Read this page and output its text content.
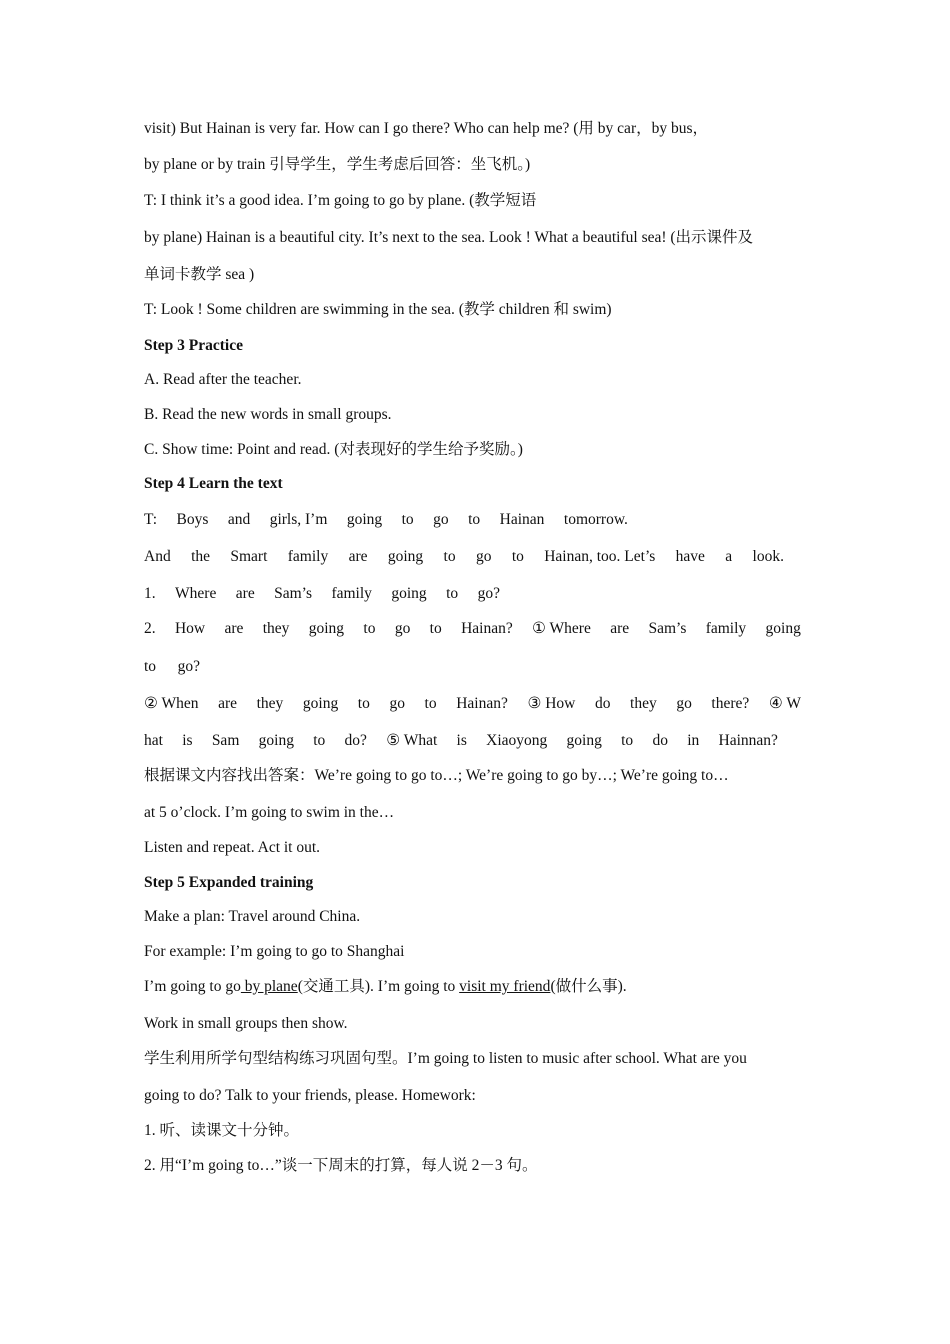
visit) But Hainan is very far. How can I go there? Who can help me? (用 by car，by bus，
by plane or by train 引导学生，学生考虑后回答：坐飞机。)
T: I think it’s a good idea. I’m going to go by plane. (教学短语
by plane) Hainan is a beautiful city. It’s next to the sea. Look ! What a beautiful sea! (出示课件及
单词卡教学 sea )
T: Look ! Some children are swimming in the sea. (教学 children 和 swim)
Step 3 Practice
A. Read after the teacher.
B. Read the new words in small groups.
C. Show time: Point and read. (对表现好的学生给予奖励。)
Step 4 Learn the text
T: Boys and girls, I’m going to go to Hainan tomorrow.
And the Smart family are going to go to Hainan, too. Let’s have a look.
1. Where are Sam’s family going to go?
2. How are they going to go to Hainan? ① Where are Sam’s family going
to go?
② When are they going to go to Hainan? ③ How do they go there? ④ W
hat is Sam going to do? ⑤ What is Xiaoyong going to do in Hainnan?
根据课文内容找出答案：We’re going to go to…; We’re going to go by…; We’re going to…
at 5 o’clock. I’m going to swim in the…
Listen and repeat. Act it out.
Step 5 Expanded training
Make a plan: Travel around China.
For example: I’m going to go to Shanghai
I’m going to go by plane(交通工具). I’m going to visit my friend(做什么事).
Work in small groups then show.
学生利用所学句型结构练习巩固句型。I’m going to listen to music after school. What are you
going to do? Talk to your friends, please. Homework:
1. 听、读课文十分钟。
2. 用“I’m going to…”谈一下周末的打算，每人说 2－3 句。
